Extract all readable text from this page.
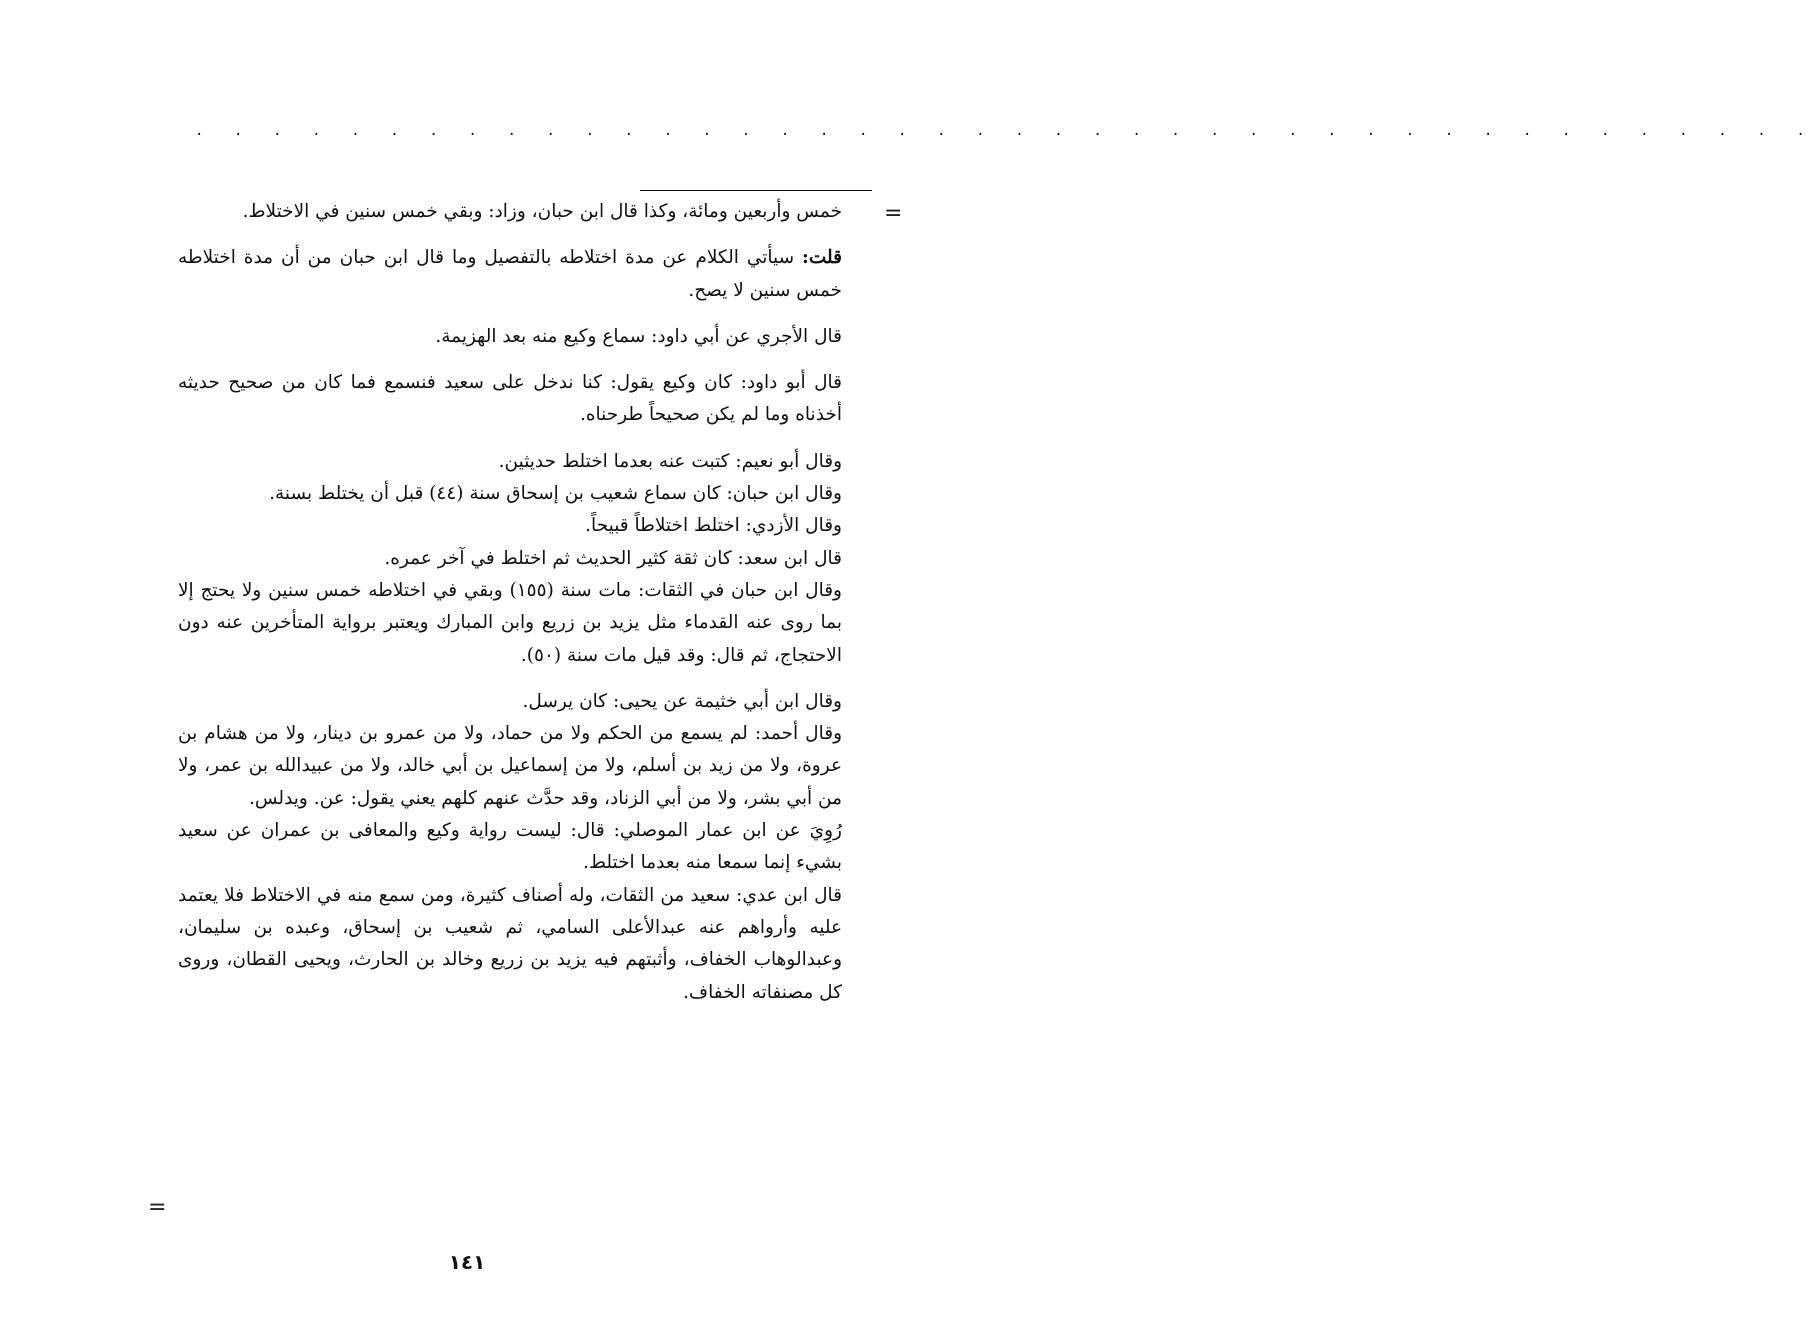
. . . . . . . . . . . . . . . . . . . . . . . . . . . . . . . . . . . . . . . . . .
=

خمس وأربعين ومائة، وكذا قال ابن حبان، وزاد: وبقي خمس سنين في الاختلاط.

قلت: سيأتي الكلام عن مدة اختلاطه بالتفصيل وما قال ابن حبان من أن مدة اختلاطه خمس سنين لا يصح.

قال الأجري عن أبي داود: سماع وكيع منه بعد الهزيمة.

قال أبو داود: كان وكيع يقول: كنا ندخل على سعيد فنسمع فما كان من صحيح حديثه أخذناه وما لم يكن صحيحاً طرحناه.

وقال أبو نعيم: كتبت عنه بعدما اختلط حديثين.

وقال ابن حبان: كان سماع شعيب بن إسحاق سنة (٤٤) قبل أن يختلط بسنة.

وقال الأزدي: اختلط اختلاطاً قبيحاً.

قال ابن سعد: كان ثقة كثير الحديث ثم اختلط في آخر عمره.

وقال ابن حبان في الثقات: مات سنة (١٥٥) وبقي في اختلاطه خمس سنين ولا يحتج إلا بما روى عنه القدماء مثل يزيد بن زريع وابن المبارك ويعتبر برواية المتأخرين عنه دون الاحتجاج، ثم قال: وقد قيل مات سنة (٥٠).

وقال ابن أبي خثيمة عن يحيى: كان يرسل.

وقال أحمد: لم يسمع من الحكم ولا من حماد، ولا من عمرو بن دينار، ولا من هشام بن عروة، ولا من زيد بن أسلم، ولا من إسماعيل بن أبي خالد، ولا من عبيدالله بن عمر، ولا من أبي بشر، ولا من أبي الزناد، وقد حدَّث عنهم كلهم يعني يقول: عن. ويدلس.

رُوِيَ عن ابن عمار الموصلي: قال: ليست رواية وكيع والمعافى بن عمران عن سعيد بشيء إنما سمعا منه بعدما اختلط.

قال ابن عدي: سعيد من الثقات، وله أصناف كثيرة، ومن سمع منه في الاختلاط فلا يعتمد عليه وأرواهم عنه عبدالأعلى السامي، ثم شعيب بن إسحاق، وعبده بن سليمان، وعبدالوهاب الخفاف، وأثبتهم فيه يزيد بن زريع وخالد بن الحارث، ويحيى القطان، وروى كل مصنفاته الخفاف.

=
١٤١
